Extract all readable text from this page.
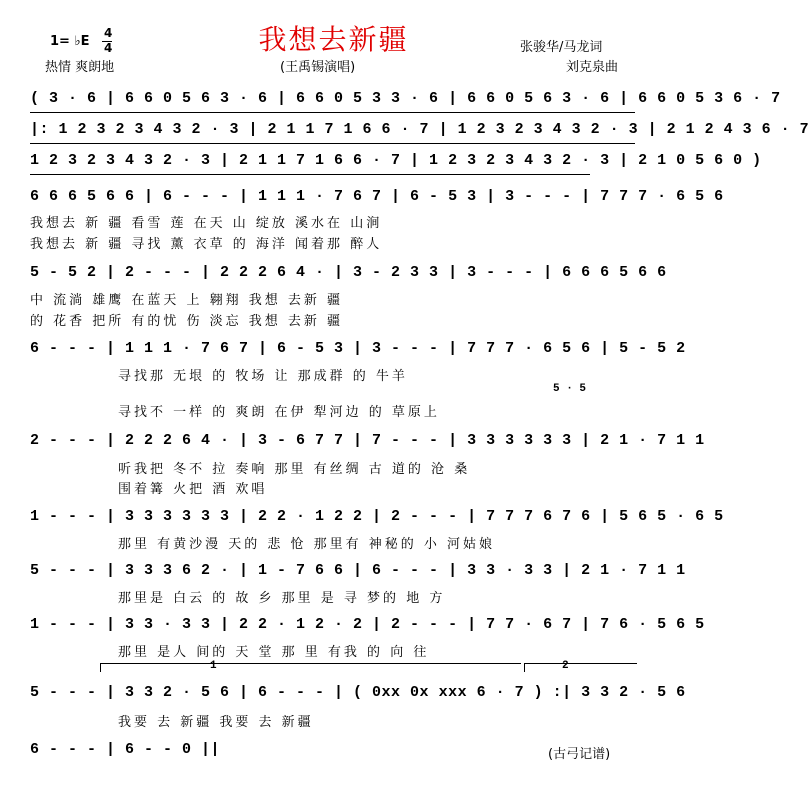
1= ♭E
4
4	我想去新疆
(王禹锡演唱)
热情 爽朗地
张骏华/马龙词
刘克泉曲
( 3 · 6 | 6 6 0 5 6 3 · 6 | 6 6 0 5 3 3 · 6 | 6 6 0 5 6 3 · 6 | 6 6 0 5 3 6 · 7
|: 1 2 3 2 3 4 3 2 · 3 | 2 1 1 7 1 6 6 · 7 | 1 2 3 2 3 4 3 2 · 3 | 2 1 2 4 3 6 · 7
1 2 3 2 3 4 3 2 · 3 | 2 1 1 7 1 6 6 · 7 | 1 2 3 2 3 4 3 2 · 3 | 2 1 0 5 6 0 )
6 6 6 5 6 6 | 6 - - - | 1 1 1 · 7 6 7 | 6 - 5 3 | 3 - - - | 7 7 7 · 6 5 6
我想去 新 疆 看雪 莲 在天 山 绽放 溪水在 山涧
我想去 新 疆 寻找 薰 衣草 的 海洋 闻着那 醉人
5 - 5 2 | 2 - - - | 2 2 2 6 4 · | 3 - 2 3 3 | 3 - - - | 6 6 6 5 6 6
中 流淌 雄鹰 在蓝天 上 翱翔 我想 去新 疆
的 花香 把所 有的忧 伤 淡忘 我想 去新 疆
6 - - - | 1 1 1 · 7 6 7 | 6 - 5 3 | 3 - - - | 7 7 7 · 6 5 6 | 5 - 5 2
寻找那 无垠 的 牧场 让 那成群 的 牛羊
5 · 5
寻找不 一样 的 爽朗 在伊 犁河边 的 草原上
2 - - - | 2 2 2 6 4 · | 3 - 6 7 7 | 7 - - - | 3 3 3 3 3 3 | 2 1 · 7 1 1
听我把 冬不 拉 奏响 那里 有丝绸 古 道的 沧 桑
围着篝 火把 酒 欢唱
1 - - - | 3 3 3 3 3 3 | 2 2 · 1 2 2 | 2 - - - | 7 7 7 6 7 6 | 5 6 5 · 6 5
那里 有黄沙漫 天的 悲 怆 那里有 神秘的 小 河姑娘
5 - - - | 3 3 3 6 2 · | 1 - 7 6 6 | 6 - - - | 3 3 · 3 3 | 2 1 · 7 1 1
那里是 白云 的 故 乡 那里 是 寻 梦的 地 方
1 - - - | 3 3 · 3 3 | 2 2 · 1 2 · 2 | 2 - - - | 7 7 · 6 7 | 7 6 · 5 6 5
那里 是人 间的 天 堂 那 里 有我 的 向 往
1	2
5 - - - | 3 3 2 · 5 6 | 6 - - - | ( 0xx 0x xxx 6 · 7 ) :| 3 3 2 · 5 6
我要 去 新疆 我要 去 新疆
6 - - - | 6 - - 0 ||	(古弓记谱)
